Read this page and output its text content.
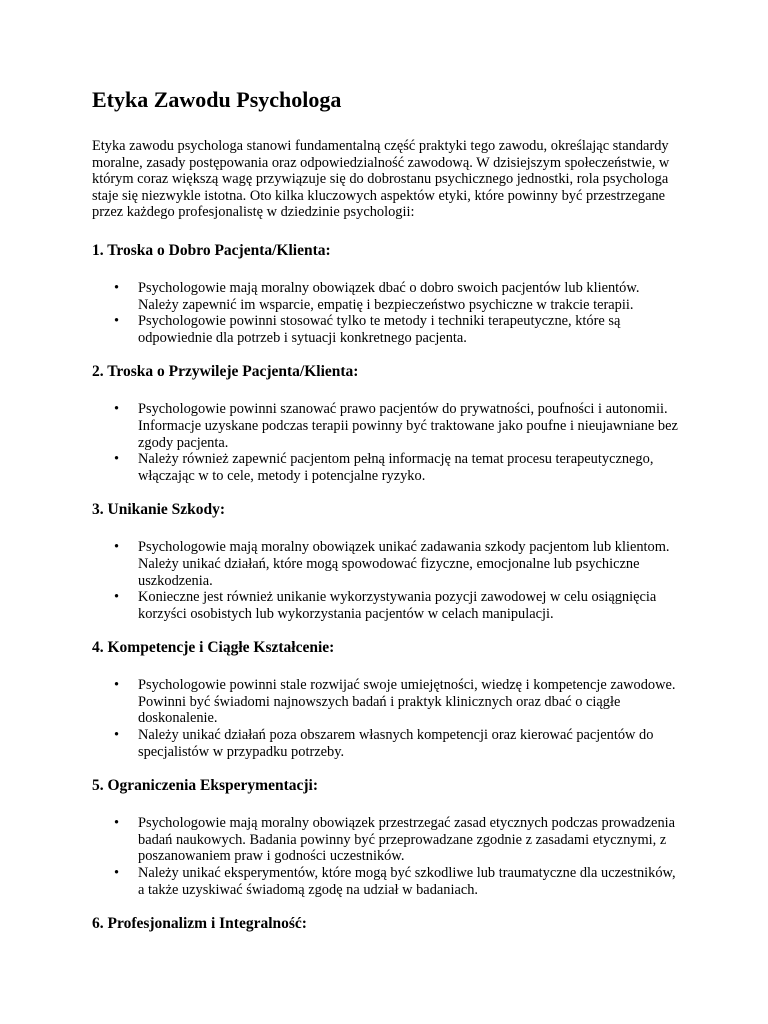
Etyka Zawodu Psychologa

Etyka zawodu psychologa stanowi fundamentalną część praktyki tego zawodu, określając standardy moralne, zasady postępowania oraz odpowiedzialność zawodową. W dzisiejszym społeczeństwie, w którym coraz większą wagę przywiązuje się do dobrostanu psychicznego jednostki, rola psychologa staje się niezwykle istotna. Oto kilka kluczowych aspektów etyki, które powinny być przestrzegane przez każdego profesjonalistę w dziedzinie psychologii:

1. Troska o Dobro Pacjenta/Klienta:
• Psychologowie mają moralny obowiązek dbać o dobro swoich pacjentów lub klientów. Należy zapewnić im wsparcie, empatię i bezpieczeństwo psychiczne w trakcie terapii.
• Psychologowie powinni stosować tylko te metody i techniki terapeutyczne, które są odpowiednie dla potrzeb i sytuacji konkretnego pacjenta.
2. Troska o Przywileje Pacjenta/Klienta:
• Psychologowie powinni szanować prawo pacjentów do prywatności, poufności i autonomii. Informacje uzyskane podczas terapii powinny być traktowane jako poufne i nieujawniane bez zgody pacjenta.
• Należy również zapewnić pacjentom pełną informację na temat procesu terapeutycznego, włączając w to cele, metody i potencjalne ryzyko.
3. Unikanie Szkody:
• Psychologowie mają moralny obowiązek unikać zadawania szkody pacjentom lub klientom. Należy unikać działań, które mogą spowodować fizyczne, emocjonalne lub psychiczne uszkodzenia.
• Konieczne jest również unikanie wykorzystywania pozycji zawodowej w celu osiągnięcia korzyści osobistych lub wykorzystania pacjentów w celach manipulacji.
4. Kompetencje i Ciągłe Kształcenie:
• Psychologowie powinni stale rozwijać swoje umiejętności, wiedzę i kompetencje zawodowe. Powinni być świadomi najnowszych badań i praktyk klinicznych oraz dbać o ciągłe doskonalenie.
• Należy unikać działań poza obszarem własnych kompetencji oraz kierować pacjentów do specjalistów w przypadku potrzeby.
5. Ograniczenia Eksperymentacji:
• Psychologowie mają moralny obowiązek przestrzegać zasad etycznych podczas prowadzenia badań naukowych. Badania powinny być przeprowadzane zgodnie z zasadami etycznymi, z poszanowaniem praw i godności uczestników.
• Należy unikać eksperymentów, które mogą być szkodliwe lub traumatyczne dla uczestników, a także uzyskiwać świadomą zgodę na udział w badaniach.
6. Profesjonalizm i Integralność:
